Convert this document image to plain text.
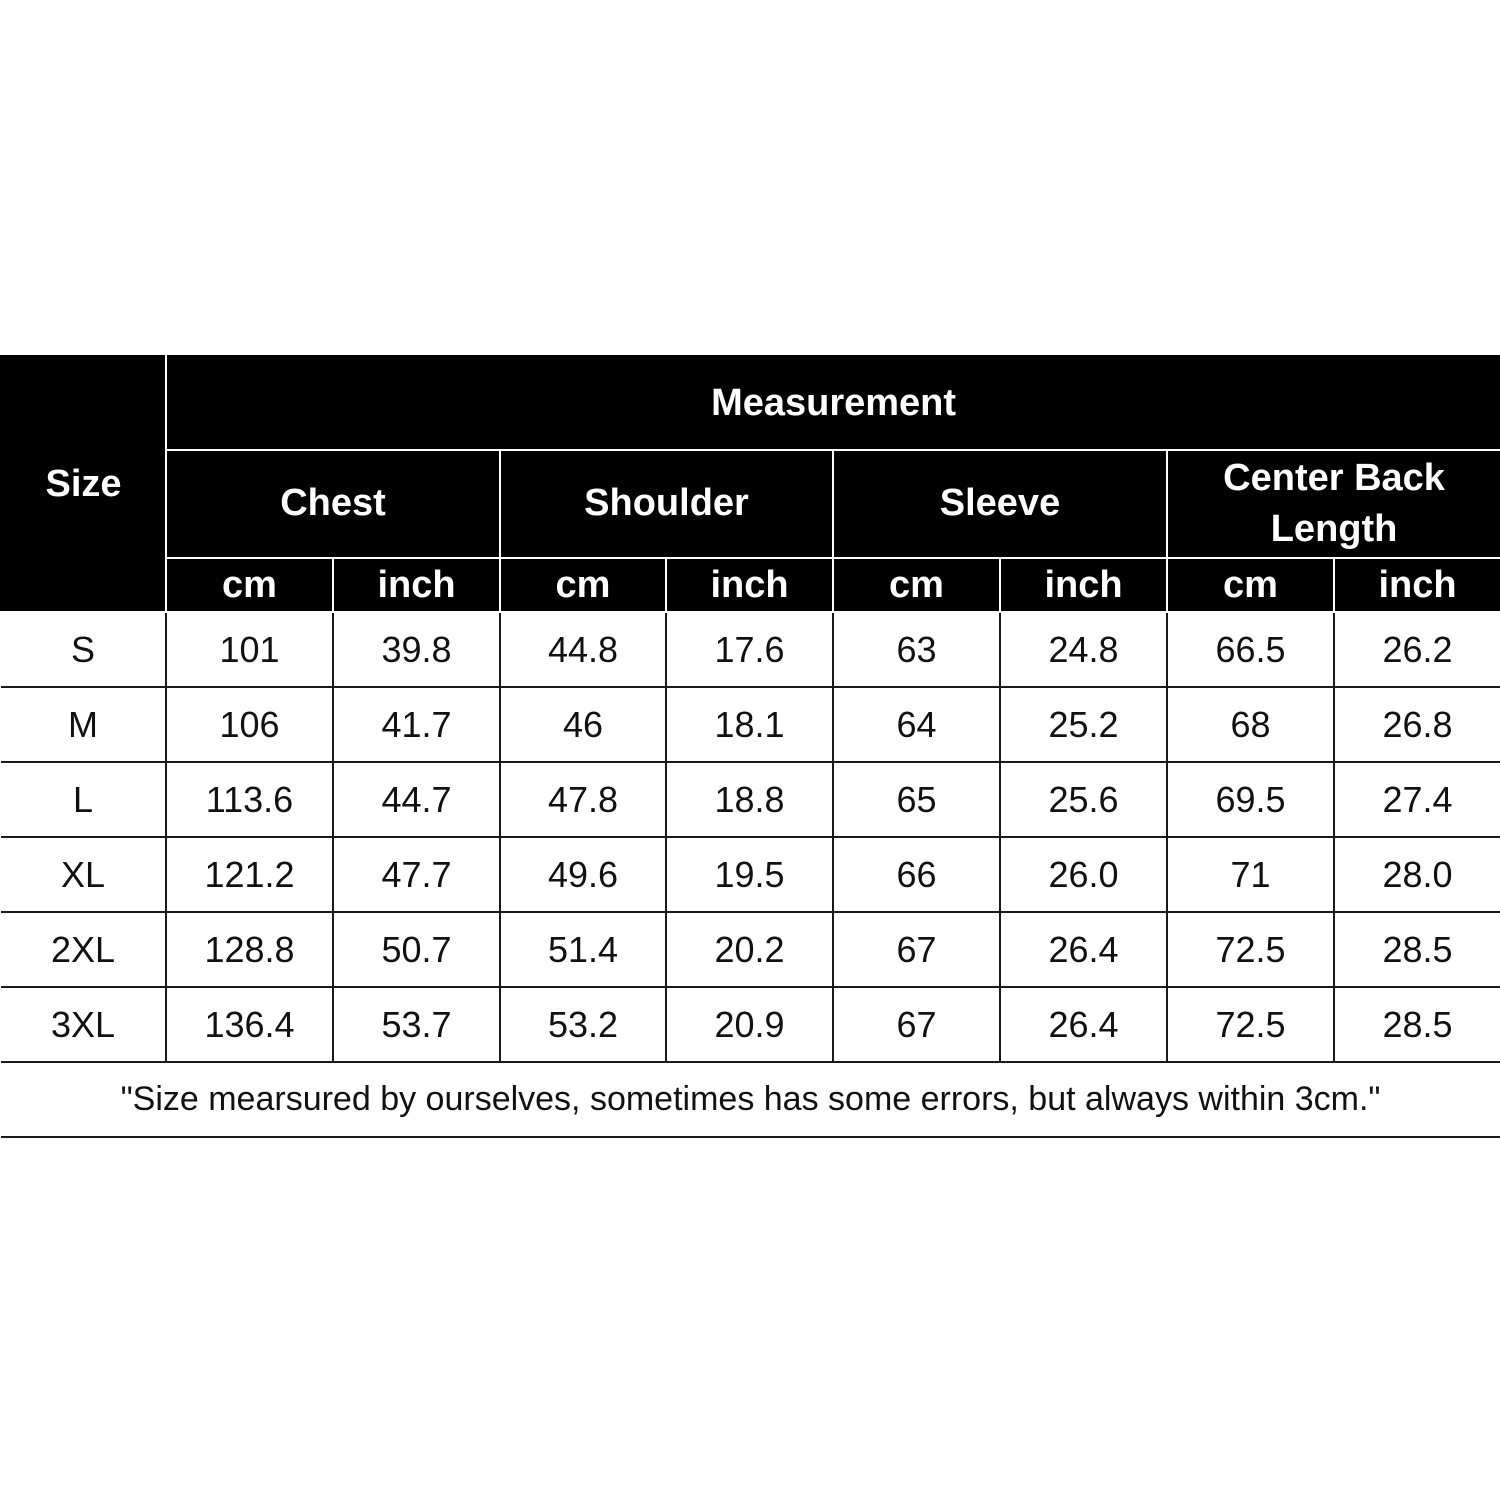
Size	Measurement							
	Chest		Shoulder		Sleeve		Center Back Length	
	cm	inch	cm	inch	cm	inch	cm	inch
S	101	39.8	44.8	17.6	63	24.8	66.5	26.2
M	106	41.7	46	18.1	64	25.2	68	26.8
L	113.6	44.7	47.8	18.8	65	25.6	69.5	27.4
XL	121.2	47.7	49.6	19.5	66	26.0	71	28.0
2XL	128.8	50.7	51.4	20.2	67	26.4	72.5	28.5
3XL	136.4	53.7	53.2	20.9	67	26.4	72.5	28.5
"Size mearsured by ourselves, sometimes has some errors, but always within 3cm."								
